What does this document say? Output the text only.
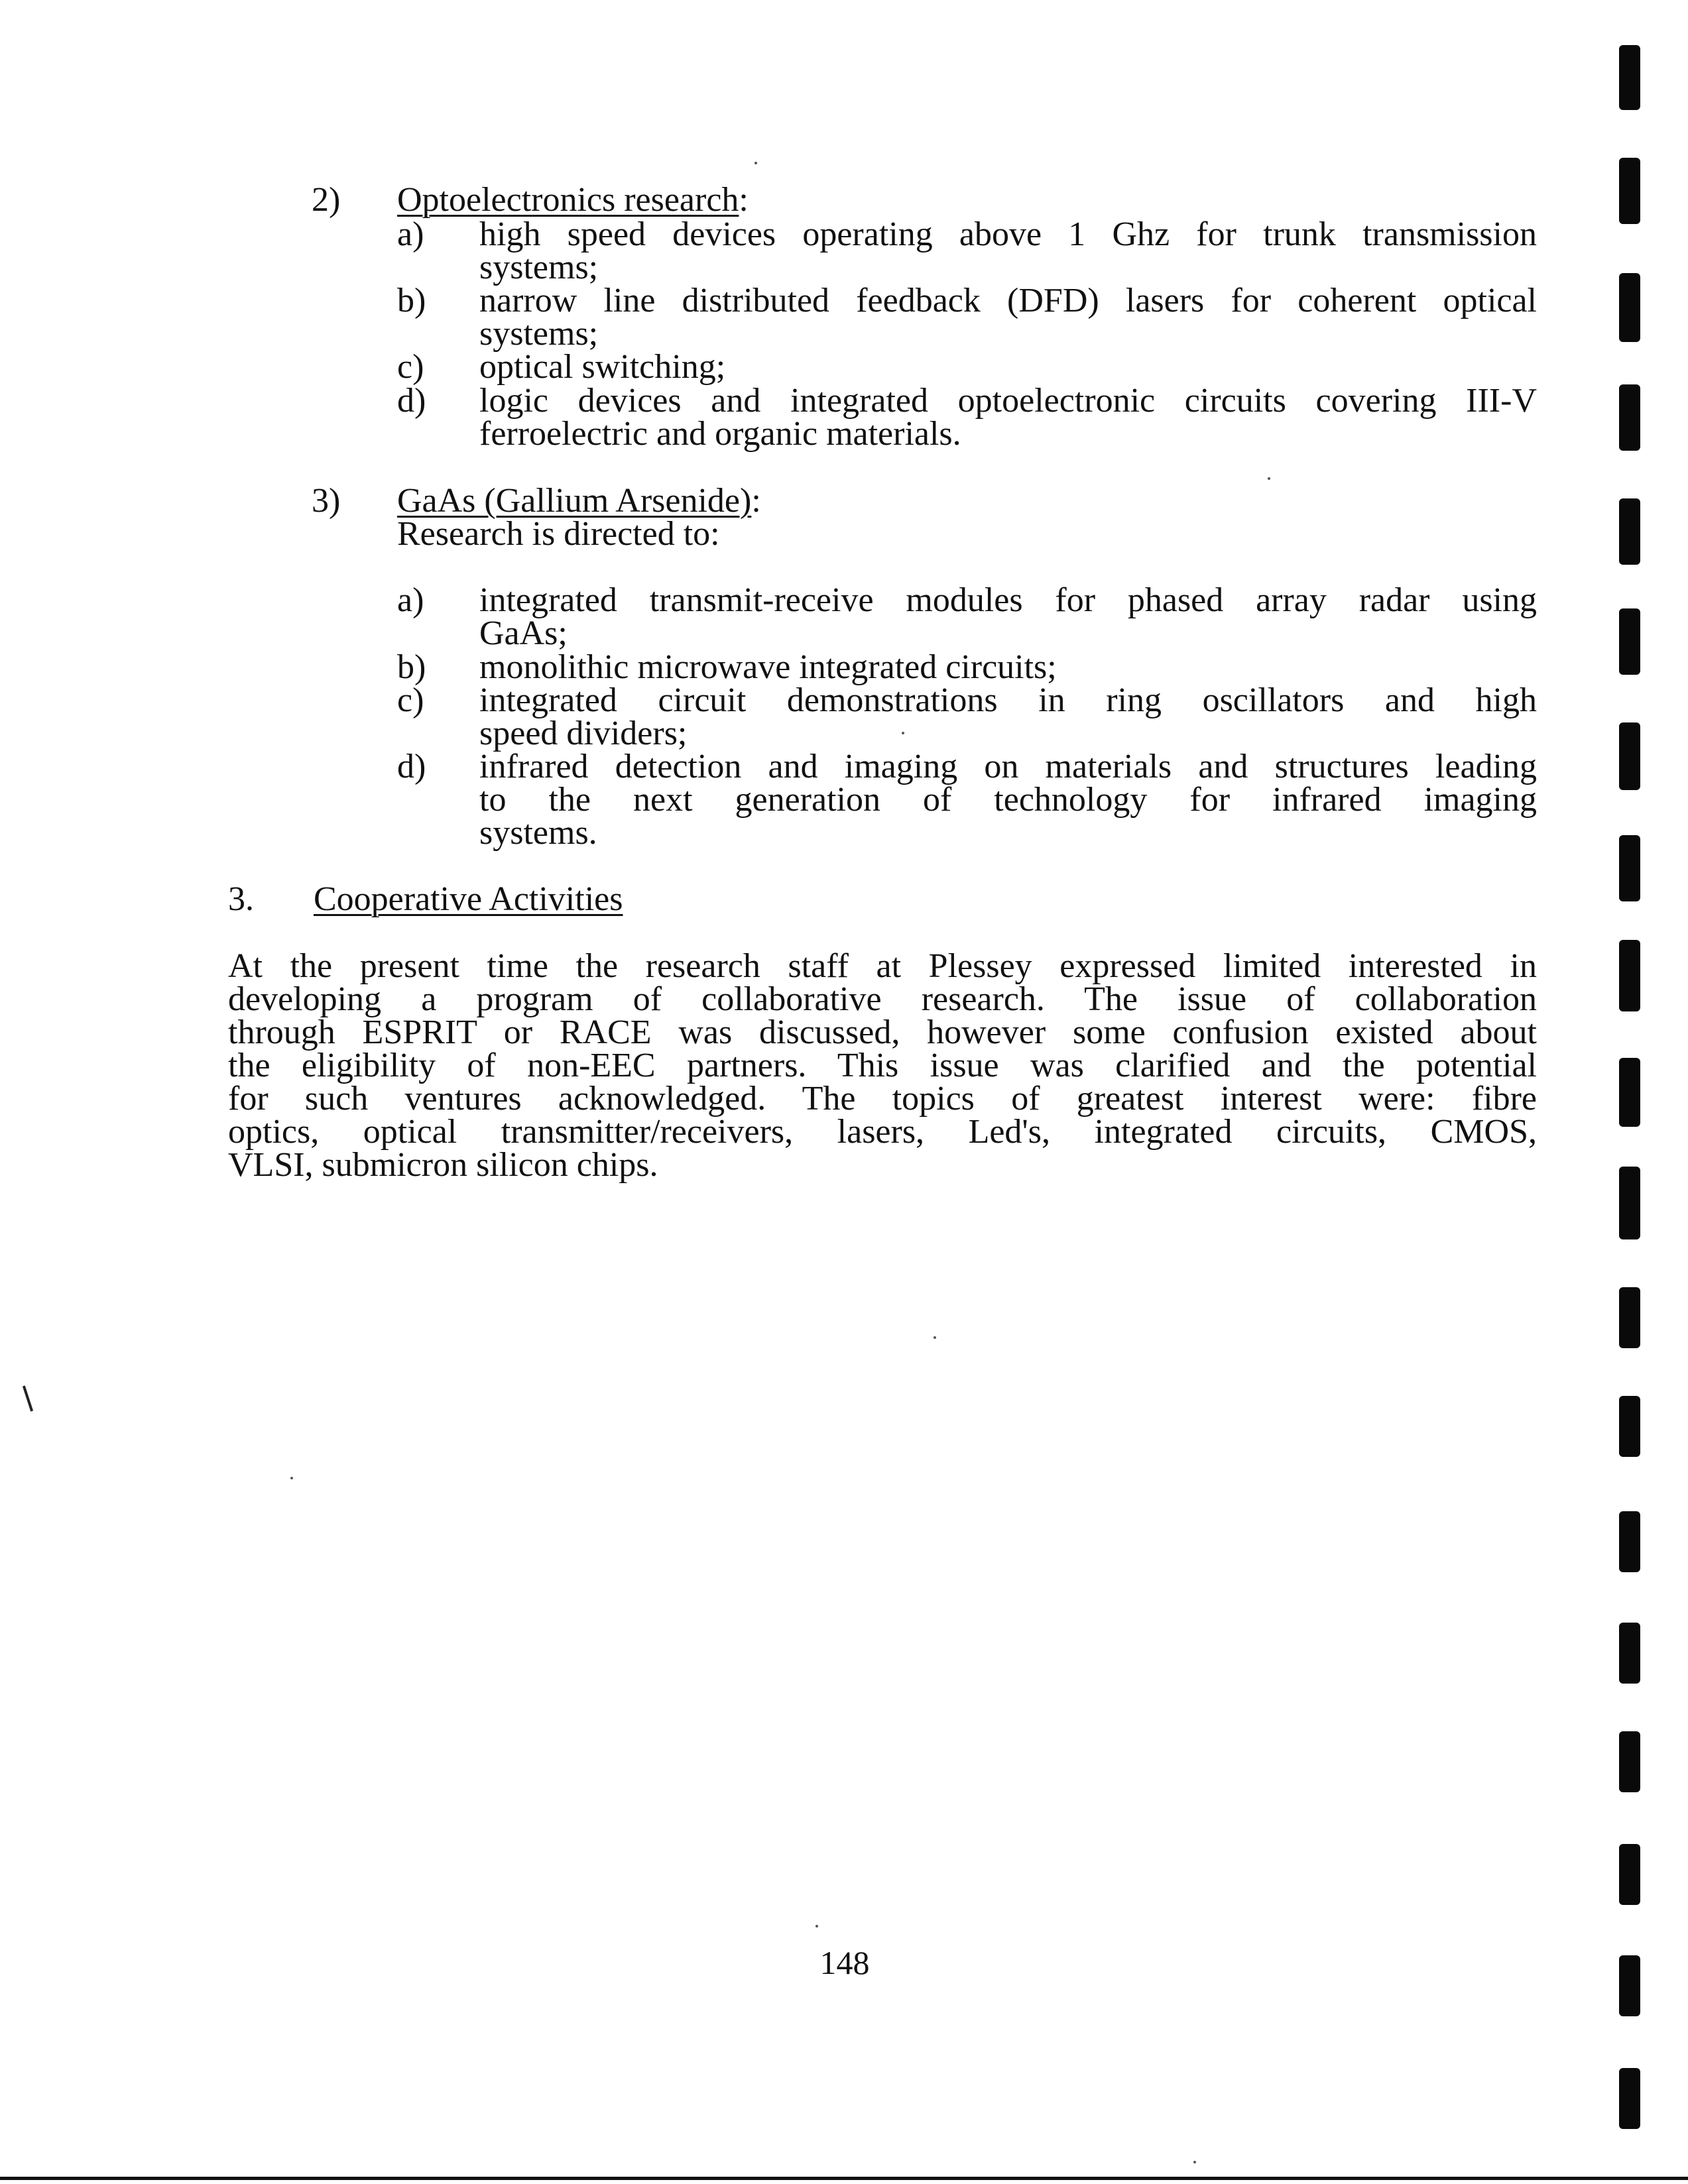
2) Optoelectronics research:
a) high speed devices operating above 1 Ghz for trunk transmission
systems;
b) narrow line distributed feedback (DFD) lasers for coherent optical
systems;
c) optical switching;
d) logic devices and integrated optoelectronic circuits covering III-V
ferroelectric and organic materials.
3) GaAs (Gallium Arsenide):
Research is directed to:
a) integrated transmit-receive modules for phased array radar using
GaAs;
b) monolithic microwave integrated circuits;
c) integrated circuit demonstrations in ring oscillators and high
speed dividers;
d) infrared detection and imaging on materials and structures leading
to the next generation of technology for infrared imaging
systems.
3. Cooperative Activities
At the present time the research staff at Plessey expressed limited interested in
developing a program of collaborative research. The issue of collaboration
through ESPRIT or RACE was discussed, however some confusion existed about
the eligibility of non-EEC partners. This issue was clarified and the potential
for such ventures acknowledged. The topics of greatest interest were: fibre
optics, optical transmitter/receivers, lasers, Led's, integrated circuits, CMOS,
VLSI, submicron silicon chips.
148
